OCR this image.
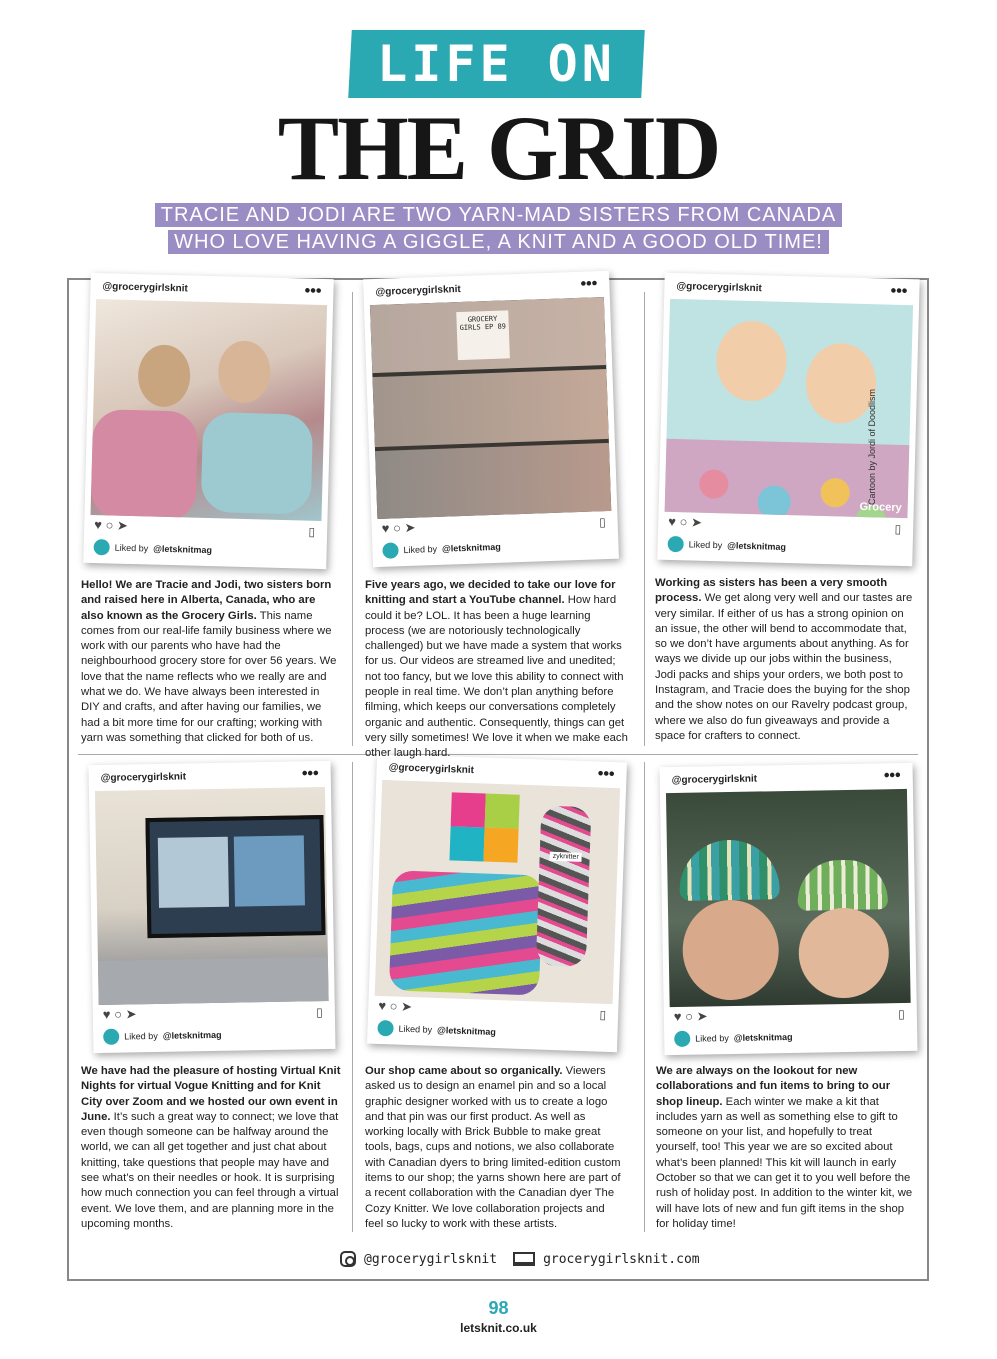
LIFE ON
THE GRID
TRACIE AND JODI ARE TWO YARN-MAD SISTERS FROM CANADA
WHO LOVE HAVING A GIGGLE, A KNIT AND A GOOD OLD TIME!
@grocerygirlsknit	•••
♥ ○ ➤	▯
Liked by @letsknitmag
@grocerygirlsknit	•••
GROCERY GIRLS EP 89
♥ ○ ➤	▯
Liked by @letsknitmag
@grocerygirlsknit	•••
Grocery
♥ ○ ➤	▯
Liked by @letsknitmag
Cartoon by Jordi of Doodlism
@grocerygirlsknit	•••
♥ ○ ➤	▯
Liked by @letsknitmag
@grocerygirlsknit	•••
zyknitter
♥ ○ ➤
▯
Liked by @letsknitmag
@grocerygirlsknit	•••
♥ ○ ➤	▯
Liked by @letsknitmag
Hello! We are Tracie and Jodi, two sisters born and raised here in Alberta, Canada, who are also known as the Grocery Girls. This name comes from our real-life family business where we work with our parents who have had the neighbourhood grocery store for over 56 years. We love that the name reflects who we really are and what we do. We have always been interested in DIY and crafts, and after having our families, we had a bit more time for our crafting; working with yarn was something that clicked for both of us.
Five years ago, we decided to take our love for knitting and start a YouTube channel. How hard could it be? LOL. It has been a huge learning process (we are notoriously technologically challenged) but we have made a system that works for us. Our videos are streamed live and unedited; not too fancy, but we love this ability to connect with people in real time. We don’t plan anything before filming, which keeps our conversations completely organic and authentic. Consequently, things can get very silly sometimes! We love it when we make each other laugh hard.
Working as sisters has been a very smooth process. We get along very well and our tastes are very similar. If either of us has a strong opinion on an issue, the other will bend to accommodate that, so we don’t have arguments about anything. As for ways we divide up our jobs within the business, Jodi packs and ships your orders, we both post to Instagram, and Tracie does the buying for the shop and the show notes on our Ravelry podcast group, where we also do fun giveaways and provide a space for crafters to connect.
We have had the pleasure of hosting Virtual Knit Nights for virtual Vogue Knitting and for Knit City over Zoom and we hosted our own event in June. It’s such a great way to connect; we love that even though someone can be halfway around the world, we can all get together and just chat about knitting, take questions that people may have and see what’s on their needles or hook. It is surprising how much connection you can feel through a virtual event. We love them, and are planning more in the upcoming months.
Our shop came about so organically. Viewers asked us to design an enamel pin and so a local graphic designer worked with us to create a logo and that pin was our first product. As well as working locally with Brick Bubble to make great tools, bags, cups and notions, we also collaborate with Canadian dyers to bring limited-edition custom items to our shop; the yarns shown here are part of a recent collaboration with the Canadian dyer The Cozy Knitter. We love collaboration projects and feel so lucky to work with these artists.
We are always on the lookout for new collaborations and fun items to bring to our shop lineup. Each winter we make a kit that includes yarn as well as something else to gift to someone on your list, and hopefully to treat yourself, too! This year we are so excited about what’s been planned! This kit will launch in early October so that we can get it to you well before the rush of holiday post. In addition to the winter kit, we will have lots of new and fun gift items in the shop for holiday time!
@grocerygirlsknit	grocerygirlsknit.com
98
letsknit.co.uk
